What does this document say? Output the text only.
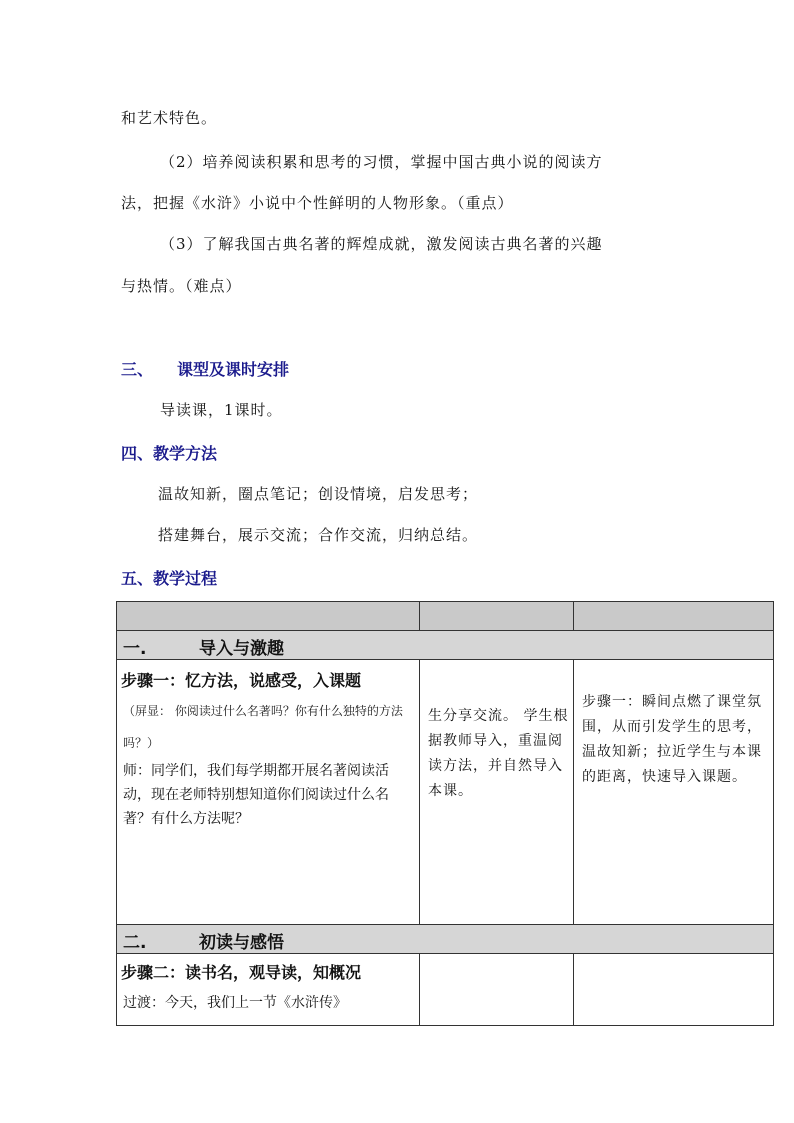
和艺术特色。
（2）培养阅读积累和思考的习惯，掌握中国古典小说的阅读方
法，把握《水浒》小说中个性鲜明的人物形象。（重点）
（3）了解我国古典名著的辉煌成就，激发阅读古典名著的兴趣
与热情。（难点）
三、 课型及课时安排
导读课，1课时。
四、教学方法
温故知新，圈点笔记；创设情境，启发思考；
搭建舞台，展示交流；合作交流，归纳总结。
五、教学过程

一. 导入与激趣		

步骤一：忆方法，说感受，入课题
（屏显： 你阅读过什么名著吗？你有什么独特的方法吗？）
师：同学们，我们每学期都开展名著阅读活动，现在老师特别想知道你们阅读过什么名著？有什么方法呢？	生分享交流。 学生根据教师导入，重温阅读方法，并自然导入本课。	步骤一：瞬间点燃了课堂氛围，从而引发学生的思考，温故知新；拉近学生与本课的距离，快速导入课题。

二. 初读与感悟		

步骤二：读书名，观导读，知概况
过渡：今天，我们上一节《水浒传》		
